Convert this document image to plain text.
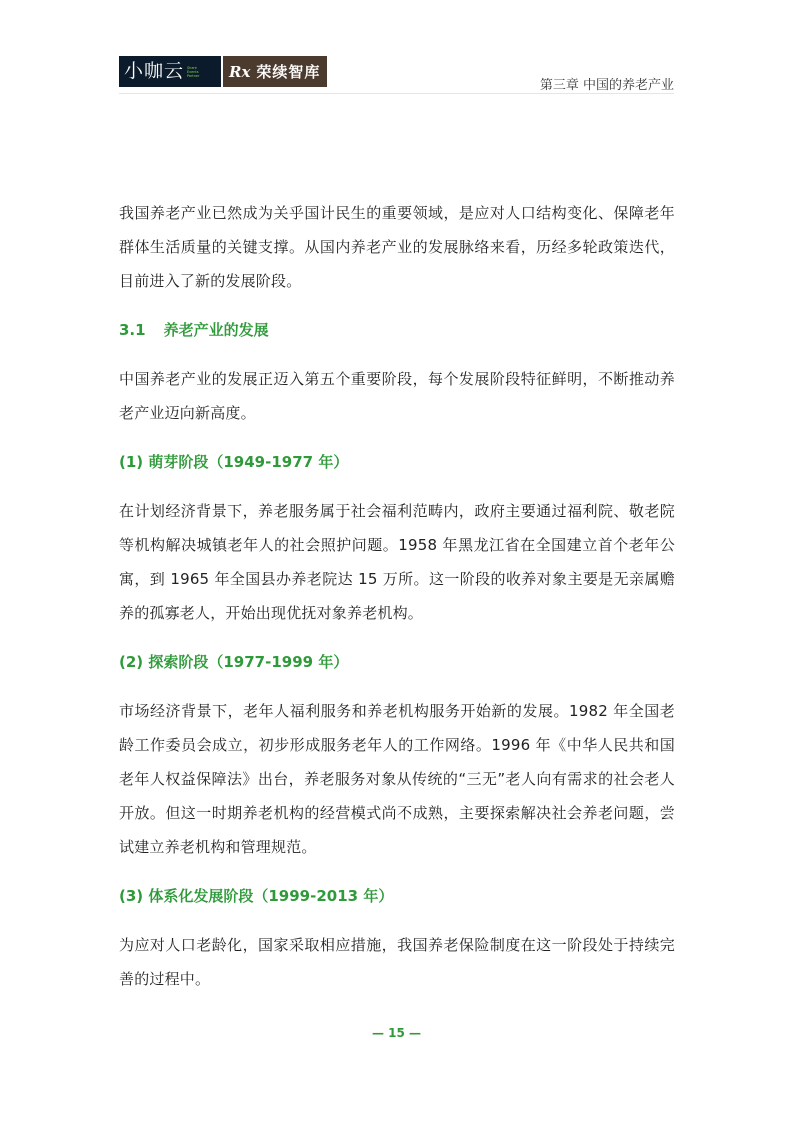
小咖云 Share
Events
Partner	Rx 荣续智库
第三章 中国的养老产业

我国养老产业已然成为关乎国计民生的重要领域，是应对人口结构变化、保障老年群体生活质量的关键支撑。从国内养老产业的发展脉络来看，历经多轮政策迭代，目前进入了新的发展阶段。

3.1 养老产业的发展

中国养老产业的发展正迈入第五个重要阶段，每个发展阶段特征鲜明，不断推动养老产业迈向新高度。

(1) 萌芽阶段（1949-1977 年）

在计划经济背景下，养老服务属于社会福利范畴内，政府主要通过福利院、敬老院等机构解决城镇老年人的社会照护问题。1958 年黑龙江省在全国建立首个老年公寓，到 1965 年全国县办养老院达 15 万所。这一阶段的收养对象主要是无亲属赡养的孤寡老人，开始出现优抚对象养老机构。

(2) 探索阶段（1977-1999 年）

市场经济背景下，老年人福利服务和养老机构服务开始新的发展。1982 年全国老龄工作委员会成立，初步形成服务老年人的工作网络。1996 年《中华人民共和国老年人权益保障法》出台，养老服务对象从传统的“三无”老人向有需求的社会老人开放。但这一时期养老机构的经营模式尚不成熟，主要探索解决社会养老问题，尝试建立养老机构和管理规范。

(3) 体系化发展阶段（1999-2013 年）

为应对人口老龄化，国家采取相应措施，我国养老保险制度在这一阶段处于持续完善的过程中。

— 15 —
